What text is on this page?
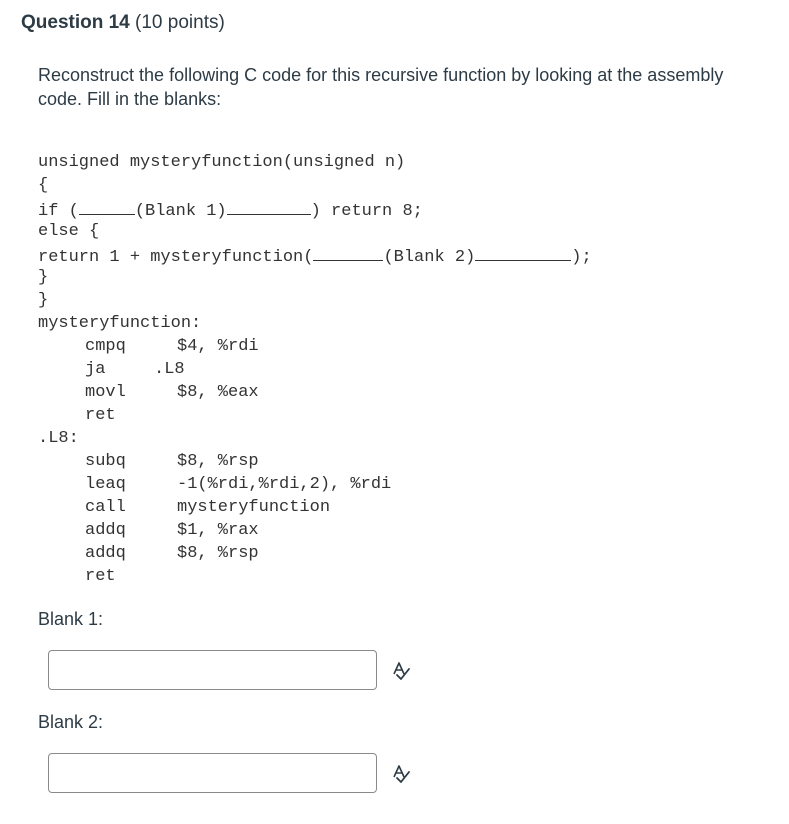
Question 14 (10 points)
Reconstruct the following C code for this recursive function by looking at the assembly code. Fill in the blanks:
unsigned mysteryfunction(unsigned n)
{
if (	(Blank 1)	) return 8;
else {
return 1 + mysteryfunction(	(Blank 2)	);
}
}
mysteryfunction:
cmpq	$4, %rdi
ja	.L8
movl	$8, %eax
ret
.L8:
subq	$8, %rsp
leaq	-1(%rdi,%rdi,2), %rdi
call	mysteryfunction
addq	$1, %rax
addq	$8, %rsp
ret
Blank 1:
Blank 2:
